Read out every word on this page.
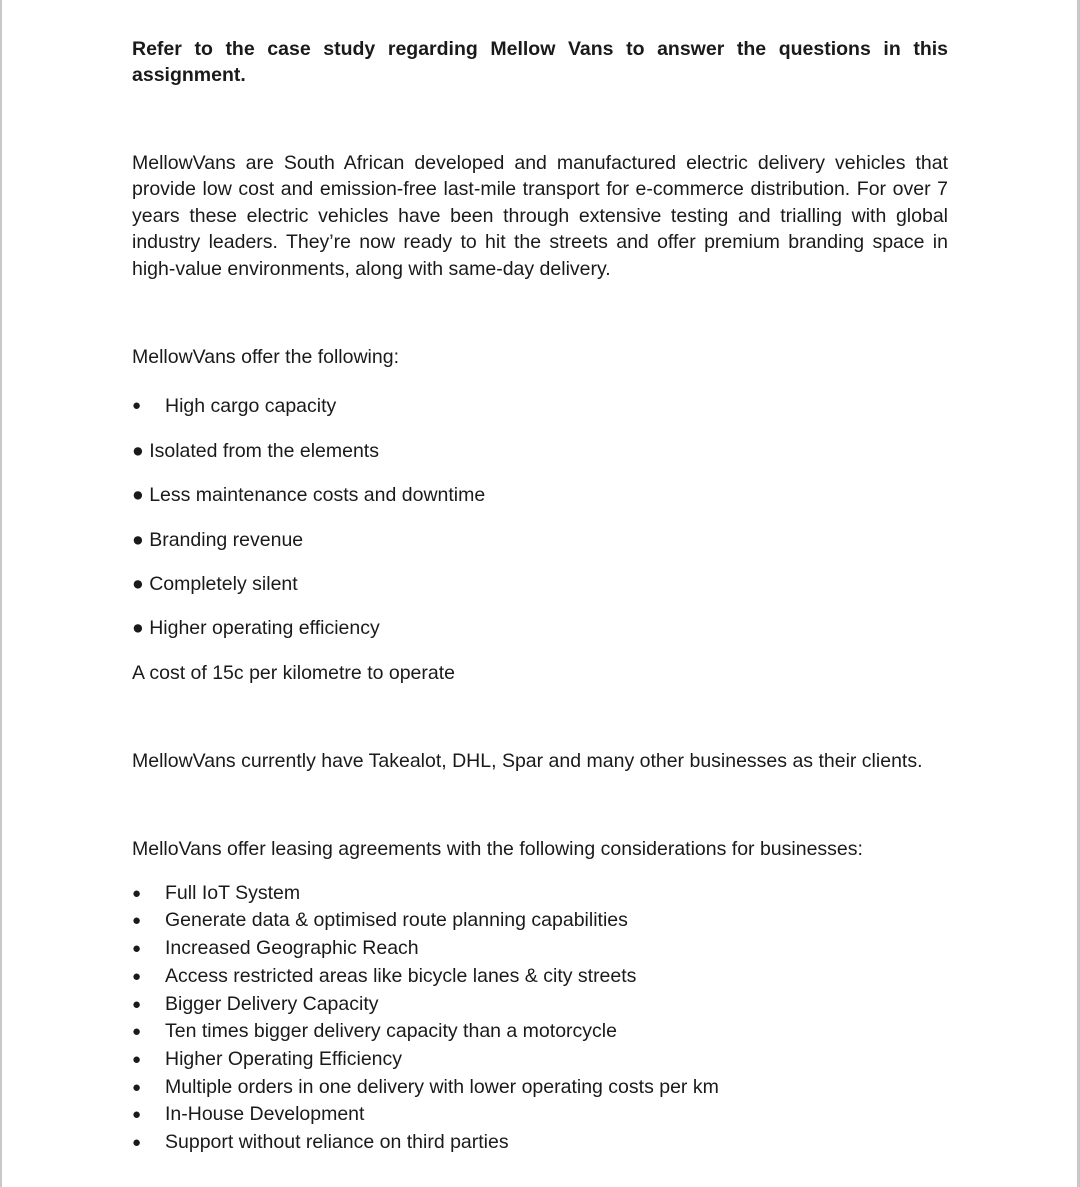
Refer to the case study regarding Mellow Vans to answer the questions in this assignment.

MellowVans are South African developed and manufactured electric delivery vehicles that provide low cost and emission-free last-mile transport for e-commerce distribution. For over 7 years these electric vehicles have been through extensive testing and trialling with global industry leaders. They’re now ready to hit the streets and offer premium branding space in high-value environments, along with same-day delivery.

MellowVans offer the following:

● High cargo capacity
● Isolated from the elements
● Less maintenance costs and downtime
● Branding revenue
● Completely silent
● Higher operating efficiency

A cost of 15c per kilometre to operate

MellowVans currently have Takealot, DHL, Spar and many other businesses as their clients.

MelloVans offer leasing agreements with the following considerations for businesses:

● Full IoT System
● Generate data & optimised route planning capabilities
● Increased Geographic Reach
● Access restricted areas like bicycle lanes & city streets
● Bigger Delivery Capacity
● Ten times bigger delivery capacity than a motorcycle
● Higher Operating Efficiency
● Multiple orders in one delivery with lower operating costs per km
● In-House Development
● Support without reliance on third parties
